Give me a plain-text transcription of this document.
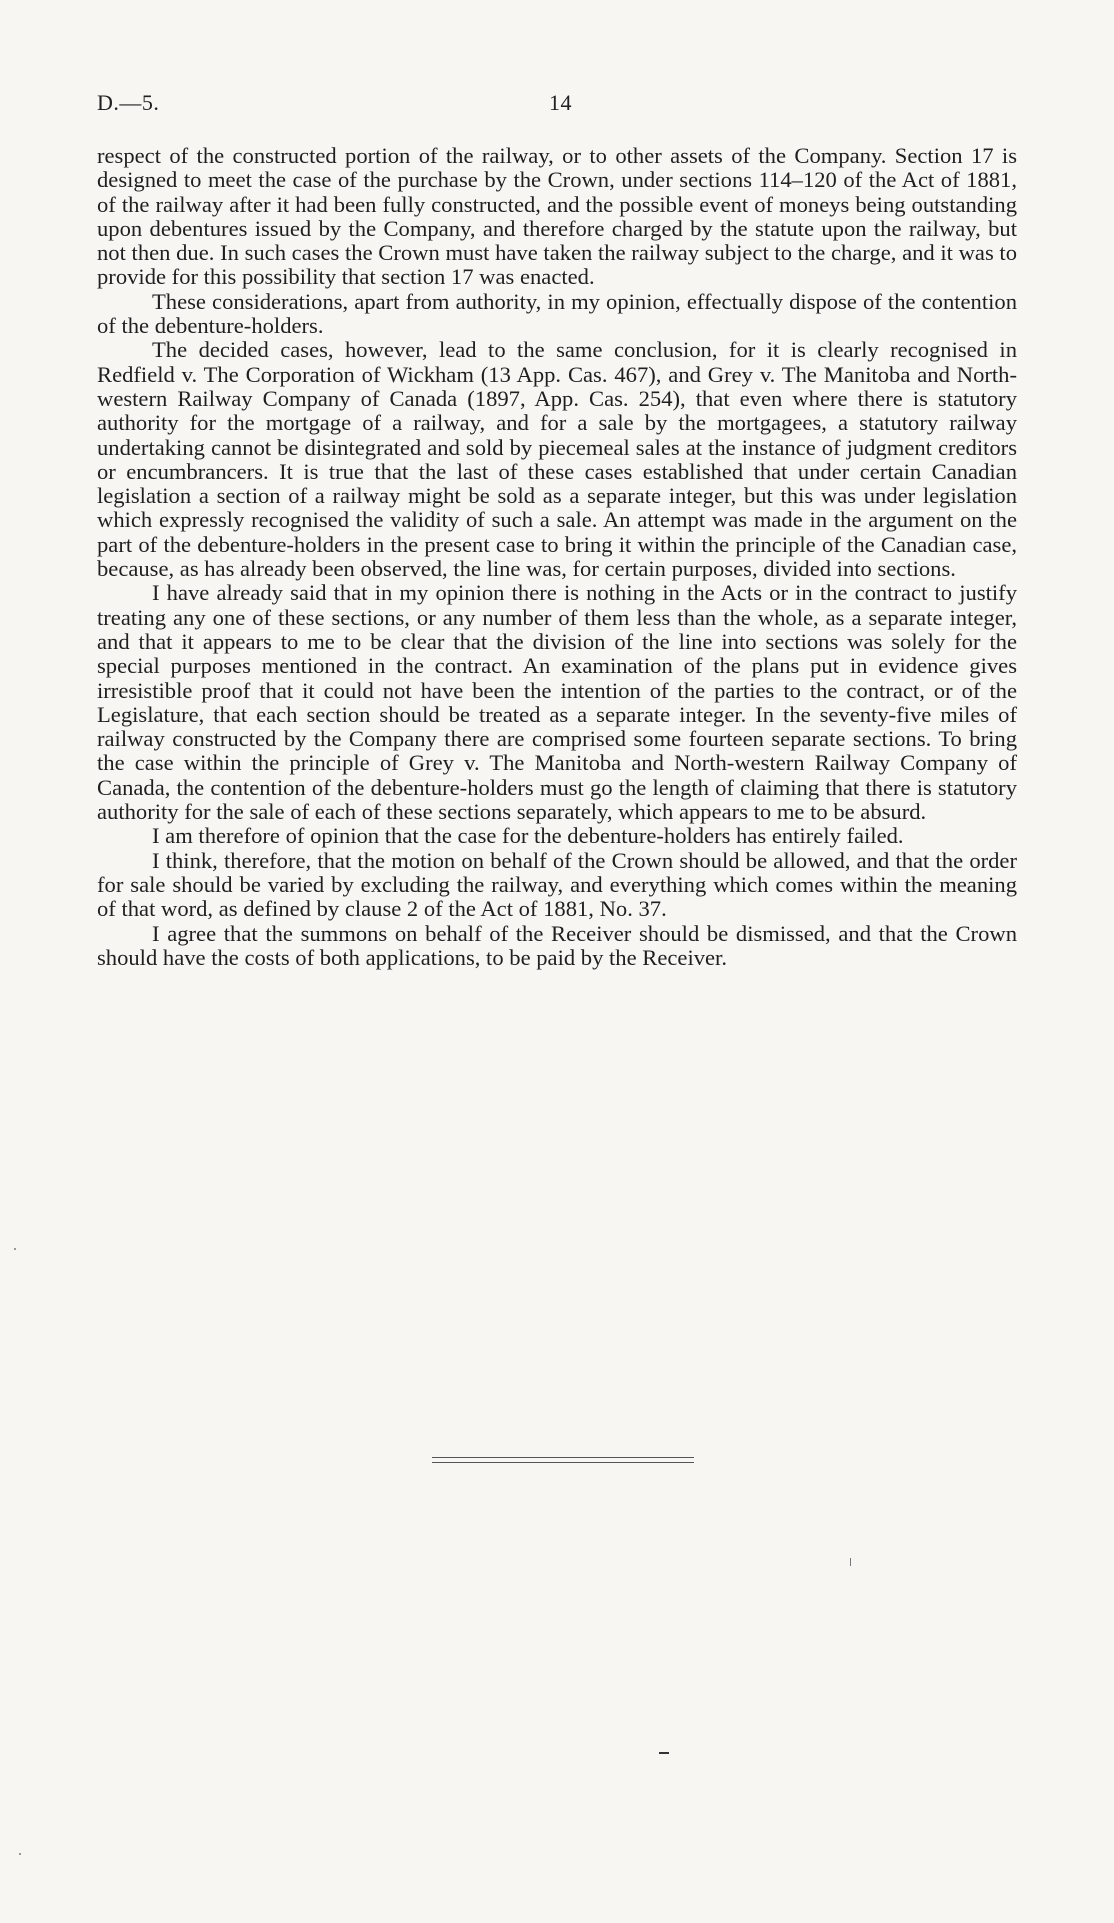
D.—5.	14

respect of the constructed portion of the railway, or to other assets of the Company. Section 17 is designed to meet the case of the purchase by the Crown, under sections 114–120 of the Act of 1881, of the railway after it had been fully constructed, and the possible event of moneys being outstanding upon debentures issued by the Company, and therefore charged by the statute upon the railway, but not then due. In such cases the Crown must have taken the railway subject to the charge, and it was to provide for this possibility that section 17 was enacted.

These considerations, apart from authority, in my opinion, effectually dispose of the contention of the debenture-holders.

The decided cases, however, lead to the same conclusion, for it is clearly recognised in Redfield v. The Corporation of Wickham (13 App. Cas. 467), and Grey v. The Manitoba and North-western Railway Company of Canada (1897, App. Cas. 254), that even where there is statutory authority for the mortgage of a railway, and for a sale by the mortgagees, a statutory railway undertaking cannot be disintegrated and sold by piecemeal sales at the instance of judgment creditors or encumbrancers. It is true that the last of these cases established that under certain Canadian legislation a section of a railway might be sold as a separate integer, but this was under legislation which expressly recognised the validity of such a sale. An attempt was made in the argument on the part of the debenture-holders in the present case to bring it within the principle of the Canadian case, because, as has already been observed, the line was, for certain purposes, divided into sections.

I have already said that in my opinion there is nothing in the Acts or in the contract to justify treating any one of these sections, or any number of them less than the whole, as a separate integer, and that it appears to me to be clear that the division of the line into sections was solely for the special purposes mentioned in the contract. An examination of the plans put in evidence gives irresistible proof that it could not have been the intention of the parties to the contract, or of the Legislature, that each section should be treated as a separate integer. In the seventy-five miles of railway constructed by the Company there are comprised some fourteen separate sections. To bring the case within the principle of Grey v. The Manitoba and North-western Railway Company of Canada, the contention of the debenture-holders must go the length of claiming that there is statutory authority for the sale of each of these sections separately, which appears to me to be absurd.

I am therefore of opinion that the case for the debenture-holders has entirely failed.

I think, therefore, that the motion on behalf of the Crown should be allowed, and that the order for sale should be varied by excluding the railway, and everything which comes within the meaning of that word, as defined by clause 2 of the Act of 1881, No. 37.

I agree that the summons on behalf of the Receiver should be dismissed, and that the Crown should have the costs of both applications, to be paid by the Receiver.
